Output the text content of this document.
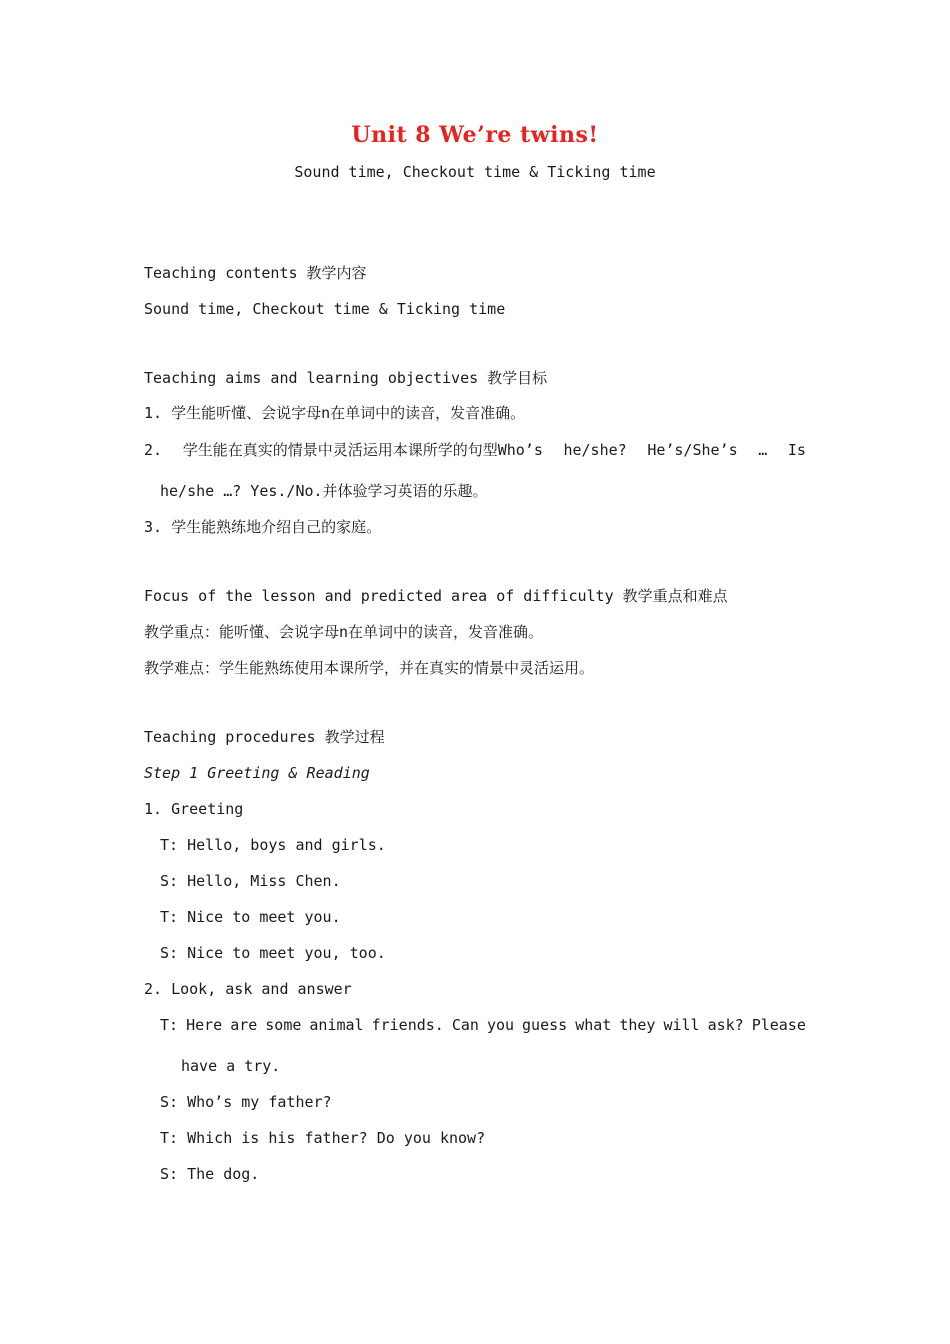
Unit 8 We’re twins!
Sound time, Checkout time & Ticking time
Teaching contents 教学内容
Sound time, Checkout time & Ticking time
Teaching aims and learning objectives 教学目标
1. 学生能听懂、会说字母n在单词中的读音，发音准确。
2. 学生能在真实的情景中灵活运用本课所学的句型Who’s he/she? He’s/She’s … Is
he/she …? Yes./No.并体验学习英语的乐趣。
3. 学生能熟练地介绍自己的家庭。
Focus of the lesson and predicted area of difficulty 教学重点和难点
教学重点：能听懂、会说字母n在单词中的读音，发音准确。
教学难点：学生能熟练使用本课所学，并在真实的情景中灵活运用。
Teaching procedures 教学过程
Step 1 Greeting & Reading
1. Greeting
T: Hello, boys and girls.
S: Hello, Miss Chen.
T: Nice to meet you.
S: Nice to meet you, too.
2. Look, ask and answer
T: Here are some animal friends. Can you guess what they will ask? Please
have a try.
S: Who’s my father?
T: Which is his father? Do you know?
S: The dog.
